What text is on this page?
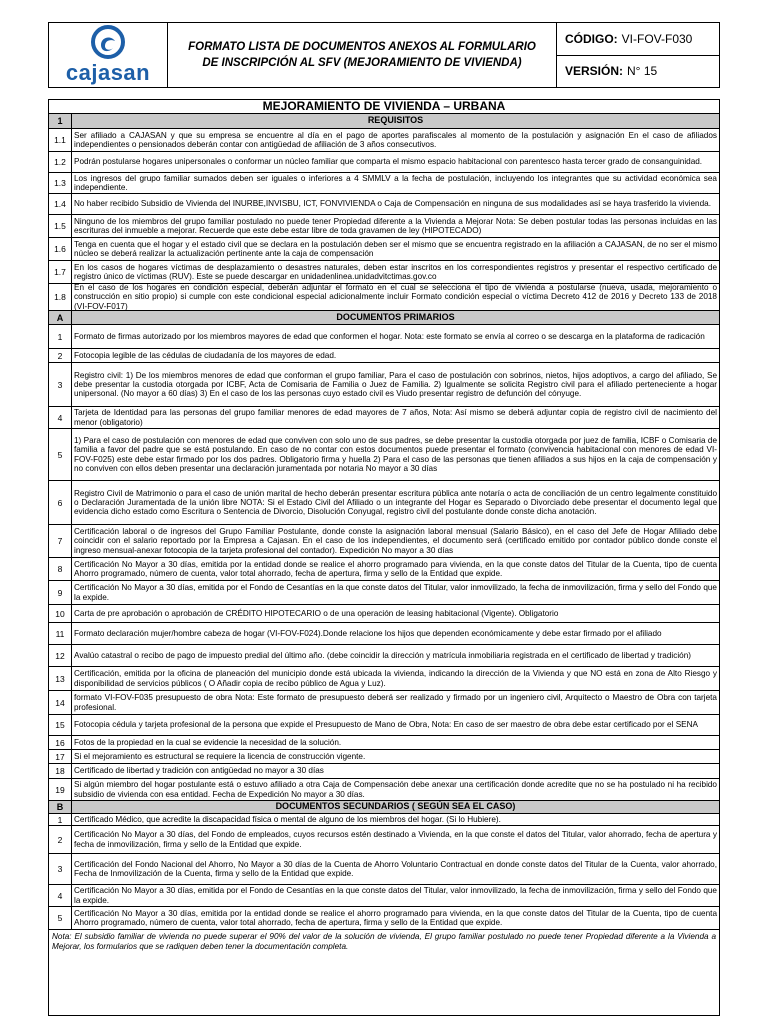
cajasan
FORMATO LISTA DE DOCUMENTOS ANEXOS AL FORMULARIO
DE INSCRIPCIÓN AL SFV (MEJORAMIENTO DE VIVIENDA)
CÓDIGO: VI-FOV-F030
VERSIÓN: N° 15
MEJORAMIENTO DE VIVIENDA – URBANA
1	REQUISITOS
1.1 Ser afiliado a CAJASAN y que su empresa se encuentre al día en el pago de aportes parafiscales al momento de la postulación y asignación En el caso de afiliados independientes o pensionados deberán contar con antigüedad de afiliación de 3 años consecutivos.
1.2 Podrán postularse hogares unipersonales o conformar un núcleo familiar que comparta el mismo espacio habitacional con parentesco hasta tercer grado de consanguinidad.
1.3 Los ingresos del grupo familiar sumados deben ser iguales o inferiores a 4 SMMLV a la fecha de postulación, incluyendo los integrantes que su actividad económica sea independiente.
1.4 No haber recibido Subsidio de Vivienda del INURBE,INVISBU, ICT, FONVIVIENDA o Caja de Compensación en ninguna de sus modalidades así se haya trasferido la vivienda.
1.5 Ninguno de los miembros del grupo familiar postulado no puede tener Propiedad diferente a la Vivienda a Mejorar Nota: Se deben postular todas las personas incluidas en las escrituras del inmueble a mejorar. Recuerde que este debe estar libre de toda gravamen de ley (HIPOTECADO)
1.6 Tenga en cuenta que el hogar y el estado civil que se declara en la postulación deben ser el mismo que se encuentra registrado en la afiliación a CAJASAN, de no ser el mismo núcleo se deberá realizar la actualización pertinente ante la caja de compensación
1.7 En los casos de hogares víctimas de desplazamiento o desastres naturales, deben estar inscritos en los correspondientes registros y presentar el respectivo certificado de registro único de víctimas (RUV). Este se puede descargar en unidadenlinea.unidadvitctimas.gov.co
1.8
En el caso de los hogares en condición especial, deberán adjuntar el formato en el cual se selecciona el tipo de vivienda a postularse (nueva, usada, mejoramiento o construcción en sitio propio) si cumple con este condicional especial adicionalmente incluir Formato condición especial o víctima Decreto 412 de 2016 y Decreto 133 de 2018 (VI-FOV-F017)
A	DOCUMENTOS PRIMARIOS
1	Formato de firmas autorizado por los miembros mayores de edad que conformen el hogar. Nota: este formato se envía al correo o se descarga en la plataforma de radicación
2	Fotocopia legible de las cédulas de ciudadanía de los mayores de edad.
3
Registro civil: 1) De los miembros menores de edad que conforman el grupo familiar, Para el caso de postulación con sobrinos, nietos, hijos adoptivos, a cargo del afiliado, Se debe presentar la custodia otorgada por ICBF, Acta de Comisaria de Familia o Juez de Familia. 2) Igualmente se solicita Registro civil para el afiliado perteneciente a hogar unipersonal. (No mayor a 60 días) 3) En el caso de los las personas cuyo estado civil es Viudo presentar registro de defunción del cónyuge.
4	Tarjeta de Identidad para las personas del grupo familiar menores de edad mayores de 7 años, Nota: Así mismo se deberá adjuntar copia de registro civil de nacimiento del menor (obligatorio)
5
1) Para el caso de postulación con menores de edad que conviven con solo uno de sus padres, se debe presentar la custodia otorgada por juez de familia, ICBF o Comisaria de familia a favor del padre que se está postulando. En caso de no contar con estos documentos puede presentar el formato (convivencia habitacional con menores de edad VI-FOV-F025) este debe estar firmado por los dos padres. Obligatorio firma y huella 2) Para el caso de las personas que tienen afiliados a sus hijos en la caja de compensación y no conviven con ellos deben presentar una declaración juramentada por notaria No mayor a 30 días
6
Registro Civil de Matrimonio o para el caso de unión marital de hecho deberán presentar escritura pública ante notaría o acta de conciliación de un centro legalmente constituido o Declaración Juramentada de la unión libre NOTA: Si el Estado Civil del Afiliado o un integrante del Hogar es Separado o Divorciado debe presentar el documento legal que evidencia dicho estado como Escritura o Sentencia de Divorcio, Disolución Conyugal, registro civil del postulante donde conste dicha anotación.
7
Certificación laboral o de ingresos del Grupo Familiar Postulante, donde conste la asignación laboral mensual (Salario Básico), en el caso del Jefe de Hogar Afiliado debe coincidir con el salario reportado por la Empresa a Cajasan. En el caso de los independientes, el documento será (certificado emitido por contador público donde conste el ingreso mensual-anexar fotocopia de la tarjeta profesional del contador). Expedición No mayor a 30 días
8	Certificación No Mayor a 30 días, emitida por la entidad donde se realice el ahorro programado para vivienda, en la que conste datos del Titular de la Cuenta, tipo de cuenta Ahorro programado, número de cuenta, valor total ahorrado, fecha de apertura, firma y sello de la Entidad que expide.
9	Certificación No Mayor a 30 días, emitida por el Fondo de Cesantías en la que conste datos del Titular, valor inmovilizado, la fecha de inmovilización, firma y sello del Fondo que la expide.
10	Carta de pre aprobación o aprobación de CRÉDITO HIPOTECARIO o de una operación de leasing habitacional (Vigente). Obligatorio
11	Formato declaración mujer/hombre cabeza de hogar (VI-FOV-F024).Donde relacione los hijos que dependen económicamente y debe estar firmado por el afiliado
12	Avalúo catastral o recibo de pago de impuesto predial del último año. (debe coincidir la dirección y matrícula inmobiliaria registrada en el certificado de libertad y tradición)
13	Certificación, emitida por la oficina de planeación del municipio donde está ubicada la vivienda, indicando la dirección de la Vivienda y que NO está en zona de Alto Riesgo y disponibilidad de servicios públicos ( O Añadir copia de recibo público de Agua y Luz).
14	formato VI-FOV-F035 presupuesto de obra Nota: Este formato de presupuesto deberá ser realizado y firmado por un ingeniero civil, Arquitecto o Maestro de Obra con tarjeta profesional.
15	Fotocopia cédula y tarjeta profesional de la persona que expide el Presupuesto de Mano de Obra, Nota: En caso de ser maestro de obra debe estar certificado por el SENA
16	Fotos de la propiedad en la cual se evidencie la necesidad de la solución.
17	Si el mejoramiento es estructural se requiere la licencia de construcción vigente.
18	Certificado de libertad y tradición con antigüedad no mayor a 30 días
19	Si algún miembro del hogar postulante está o estuvo afiliado a otra Caja de Compensación debe anexar una certificación donde acredite que no se ha postulado ni ha recibido subsidio de vivienda con esa entidad. Fecha de Expedición No mayor a 30 días.
B	DOCUMENTOS SECUNDARIOS ( SEGÚN SEA EL CASO)
1	Certificado Médico, que acredite la discapacidad física o mental de alguno de los miembros del hogar. (Si lo Hubiere).
2	Certificación No Mayor a 30 días, del Fondo de empleados, cuyos recursos estén destinado a Vivienda, en la que conste el datos del Titular, valor ahorrado, fecha de apertura y fecha de inmovilización, firma y sello de la Entidad que expide.
3	Certificación del Fondo Nacional del Ahorro, No Mayor a 30 días de la Cuenta de Ahorro Voluntario Contractual en donde conste datos del Titular de la Cuenta, valor ahorrado, Fecha de Inmovilización de la Cuenta, firma y sello de la Entidad que expide.
4	Certificación No Mayor a 30 días, emitida por el Fondo de Cesantías en la que conste datos del Titular, valor inmovilizado, la fecha de inmovilización, firma y sello del Fondo que la expide.
5	Certificación No Mayor a 30 días, emitida por la entidad donde se realice el ahorro programado para vivienda, en la que conste datos del Titular de la Cuenta, tipo de cuenta Ahorro programado, número de cuenta, valor total ahorrado, fecha de apertura, firma y sello de la Entidad que expide.
Nota: El subsidio familiar de vivienda no puede superar el 90% del valor de la solución de vivienda, El grupo familiar postulado no puede tener Propiedad diferente a la Vivienda a Mejorar, los formularios que se radiquen deben tener la documentación completa.
